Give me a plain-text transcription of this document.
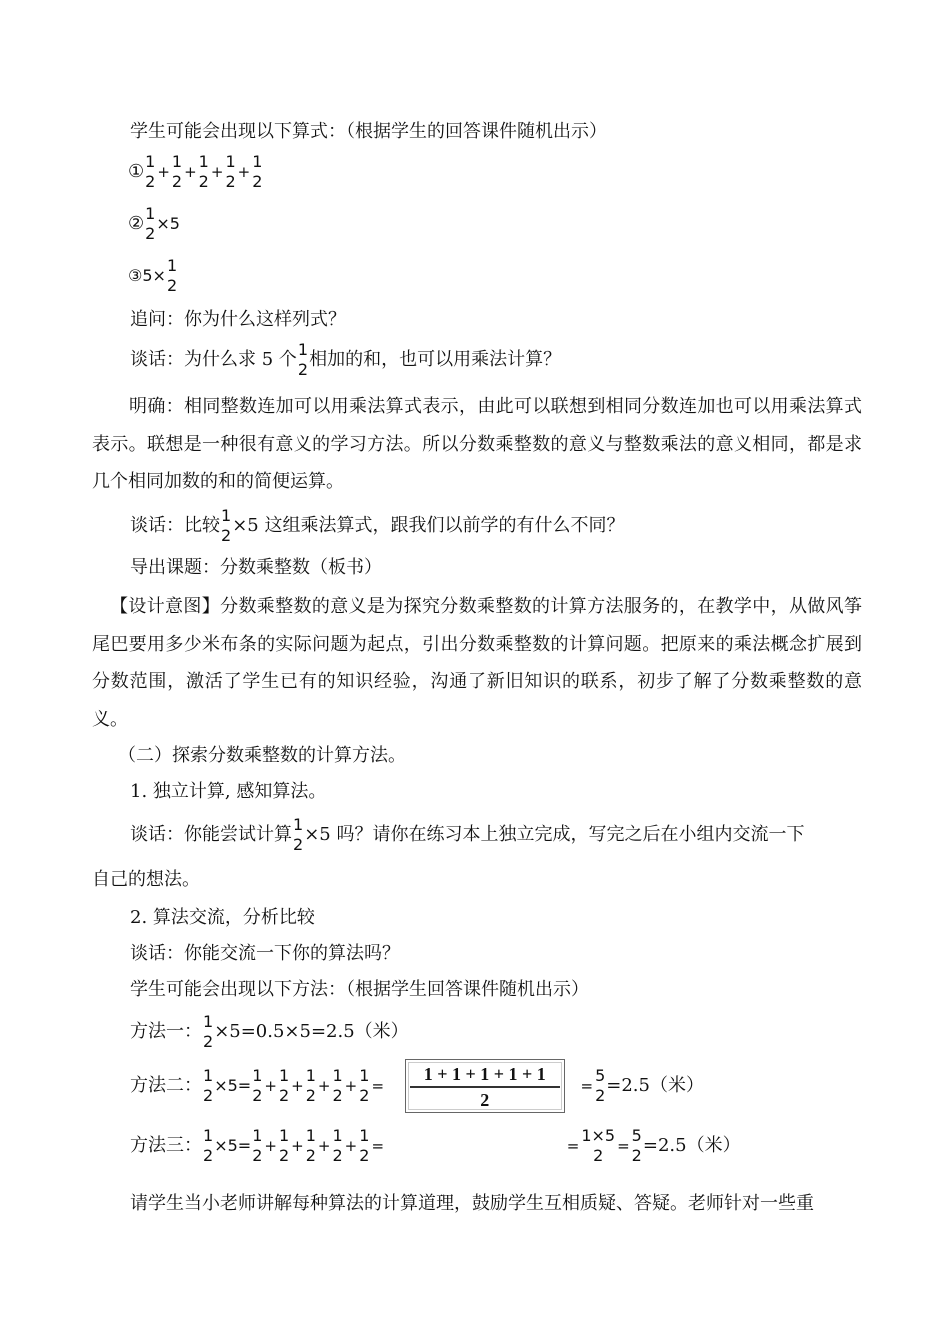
学生可能会出现以下算式：（根据学生的回答课件随机出示）
① 1
2 +
1
2 +
1
2 +
1
2 +
1
2
② 1
2
×5
③5×
1
2
追问：你为什么这样列式？
谈话：为什么求 5 个 1
2 相加的和，也可以用乘法计算？
明确：相同整数连加可以用乘法算式表示，由此可以联想到相同分数连加也可以用乘法算式表示。联想是一种很有意义的学习方法。所以分数乘整数的意义与整数乘法的意义相同，都是求几个相同加数的和的简便运算。
谈话：比较 1
2 ×5 这组乘法算式，跟我们以前学的有什么不同？
导出课题：分数乘整数（板书）
【设计意图】分数乘整数的意义是为探究分数乘整数的计算方法服务的，在教学中，从做风筝尾巴要用多少米布条的实际问题为起点，引出分数乘整数的计算问题。把原来的乘法概念扩展到分数范围，激活了学生已有的知识经验，沟通了新旧知识的联系，初步了解了分数乘整数的意义。
（二）探索分数乘整数的计算方法。
1. 独立计算, 感知算法。
谈话：你能尝试计算 1
2 ×5 吗？请你在练习本上独立完成，写完之后在小组内交流一下
自己的想法。
2. 算法交流，分析比较
谈话：你能交流一下你的算法吗？
学生可能会出现以下方法：（根据学生回答课件随机出示）
方法一： 1
2 ×5=0.5×5=2.5（米）
方法二： 1
2
×5=
1
2 +
1
2 +
1
2 +
1
2 +
1
$2 = \frac{1 + 1 + 1 + 1 + 1}{2}$ =
5
2 =2.5（米）
方法三： 1
2
×5=
1
2 +
1
2 +
1
2 +
1
2 +
1
2 =	=
1×5
2 =
5
2 =2.5（米）
请学生当小老师讲解每种算法的计算道理，鼓励学生互相质疑、答疑。老师针对一些重
